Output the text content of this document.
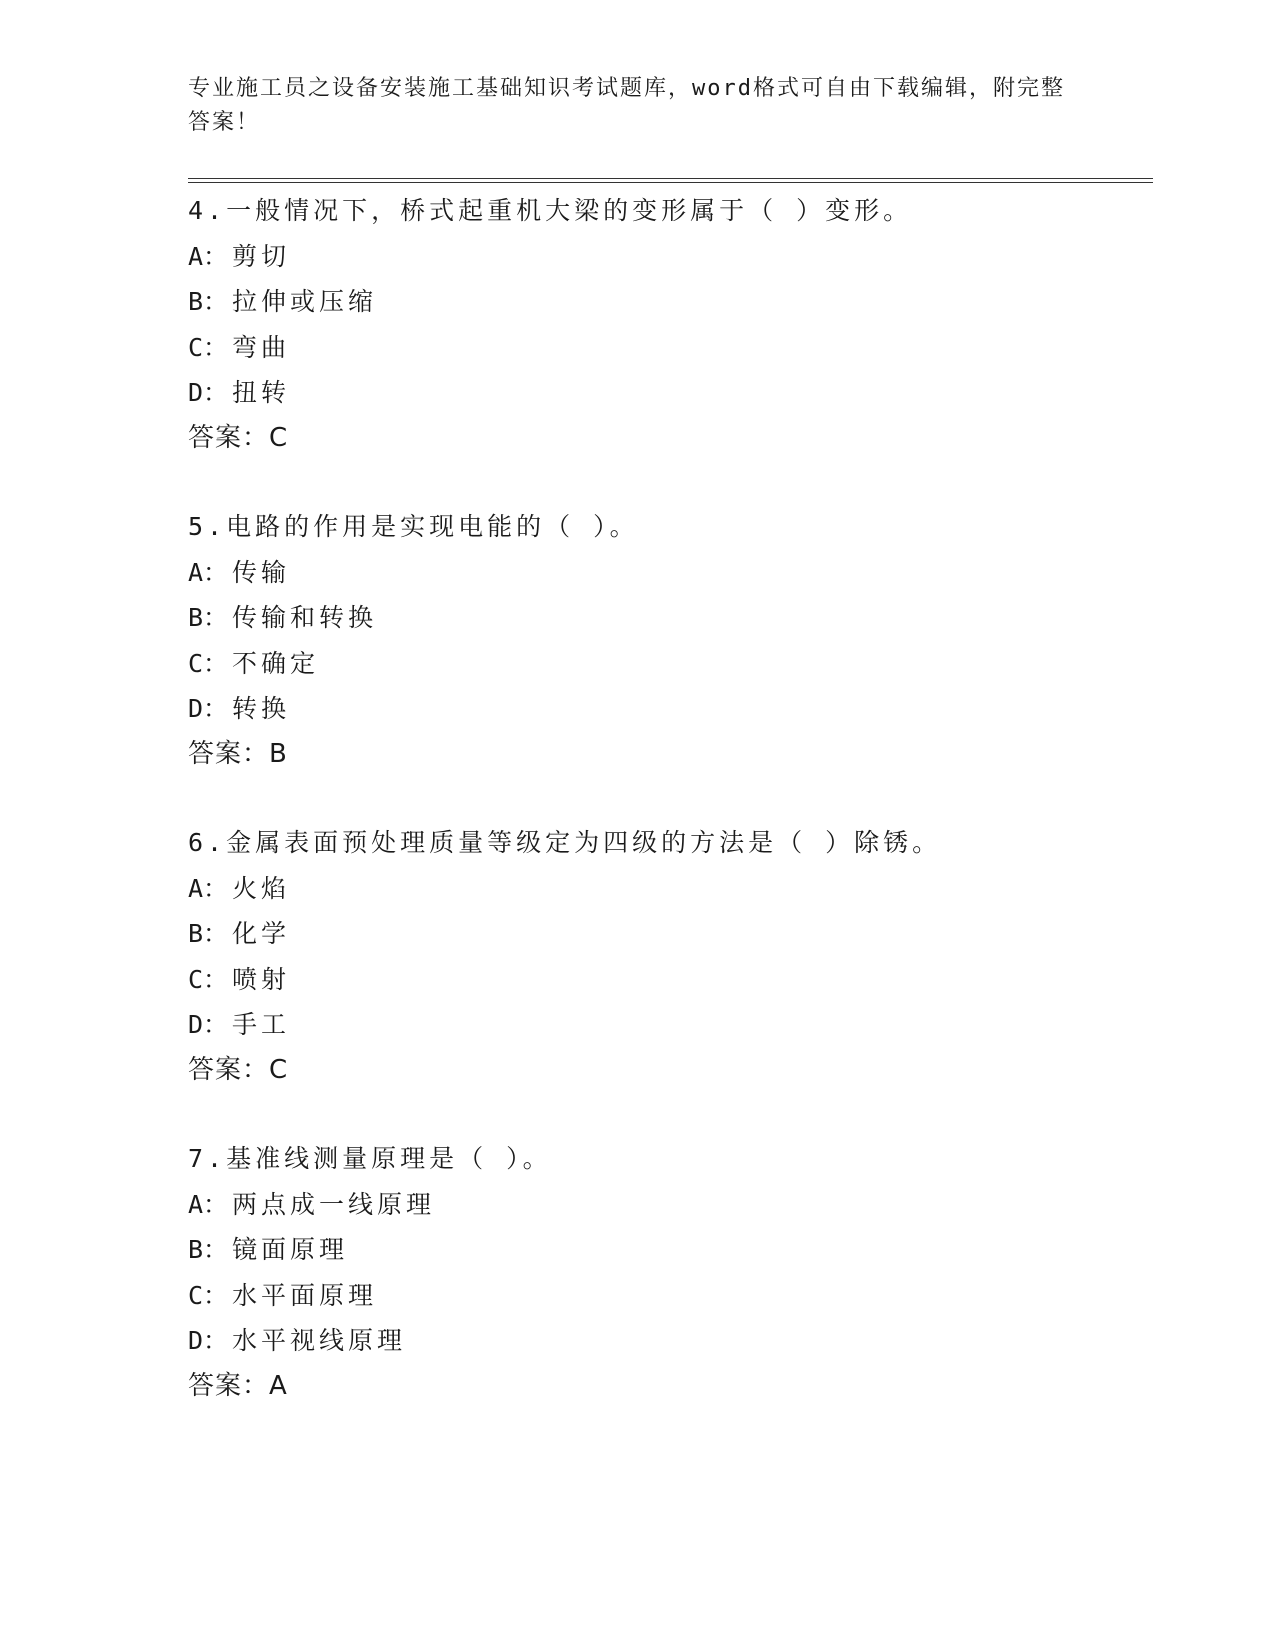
专业施工员之设备安装施工基础知识考试题库，word格式可自由下载编辑，附完整答案！
4.一般情况下，桥式起重机大梁的变形属于（ ）变形。
A： 剪切
B： 拉伸或压缩
C： 弯曲
D： 扭转
答案：C
5.电路的作用是实现电能的（ ）。
A： 传输
B： 传输和转换
C： 不确定
D： 转换
答案：B
6.金属表面预处理质量等级定为四级的方法是（ ）除锈。
A： 火焰
B： 化学
C： 喷射
D： 手工
答案：C
7.基准线测量原理是（ ）。
A： 两点成一线原理
B： 镜面原理
C： 水平面原理
D： 水平视线原理
答案：A
